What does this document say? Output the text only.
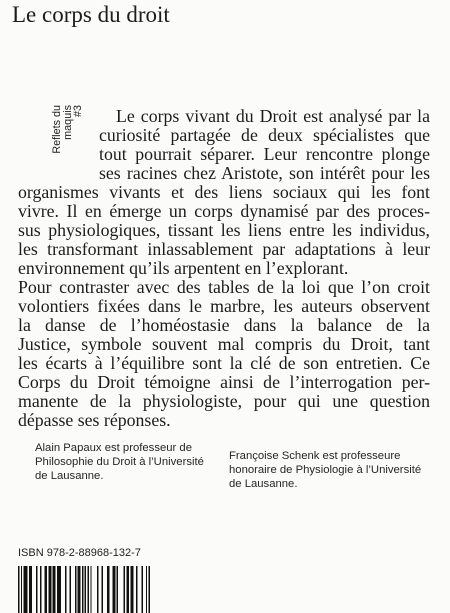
Le corps du droit
Reflets du
maquis
#3	Le corps vivant du Droit est analysé par la
curiosité partagée de deux spécialistes que
tout pourrait séparer. Leur rencontre plonge
ses racines chez Aristote, son intérêt pour les
organismes vivants et des liens sociaux qui les font
vivre. Il en émerge un corps dynamisé par des proces-
sus physiologiques, tissant les liens entre les individus,
les transformant inlassablement par adaptations à leur
environnement qu’ils arpentent en l’explorant.
Pour contraster avec des tables de la loi que l’on croit
volontiers fixées dans le marbre, les auteurs observent
la danse de l’homéostasie dans la balance de la
Justice, symbole souvent mal compris du Droit, tant
les écarts à l’équilibre sont la clé de son entretien. Ce
Corps du Droit témoigne ainsi de l’interrogation per-
manente de la physiologiste, pour qui une question
dépasse ses réponses.
Alain Papaux est professeur de
Philosophie du Droit à l’Université
de Lausanne.
Françoise Schenk est professeure
honoraire de Physiologie à l’Université
de Lausanne.
ISBN 978-2-88968-132-7
